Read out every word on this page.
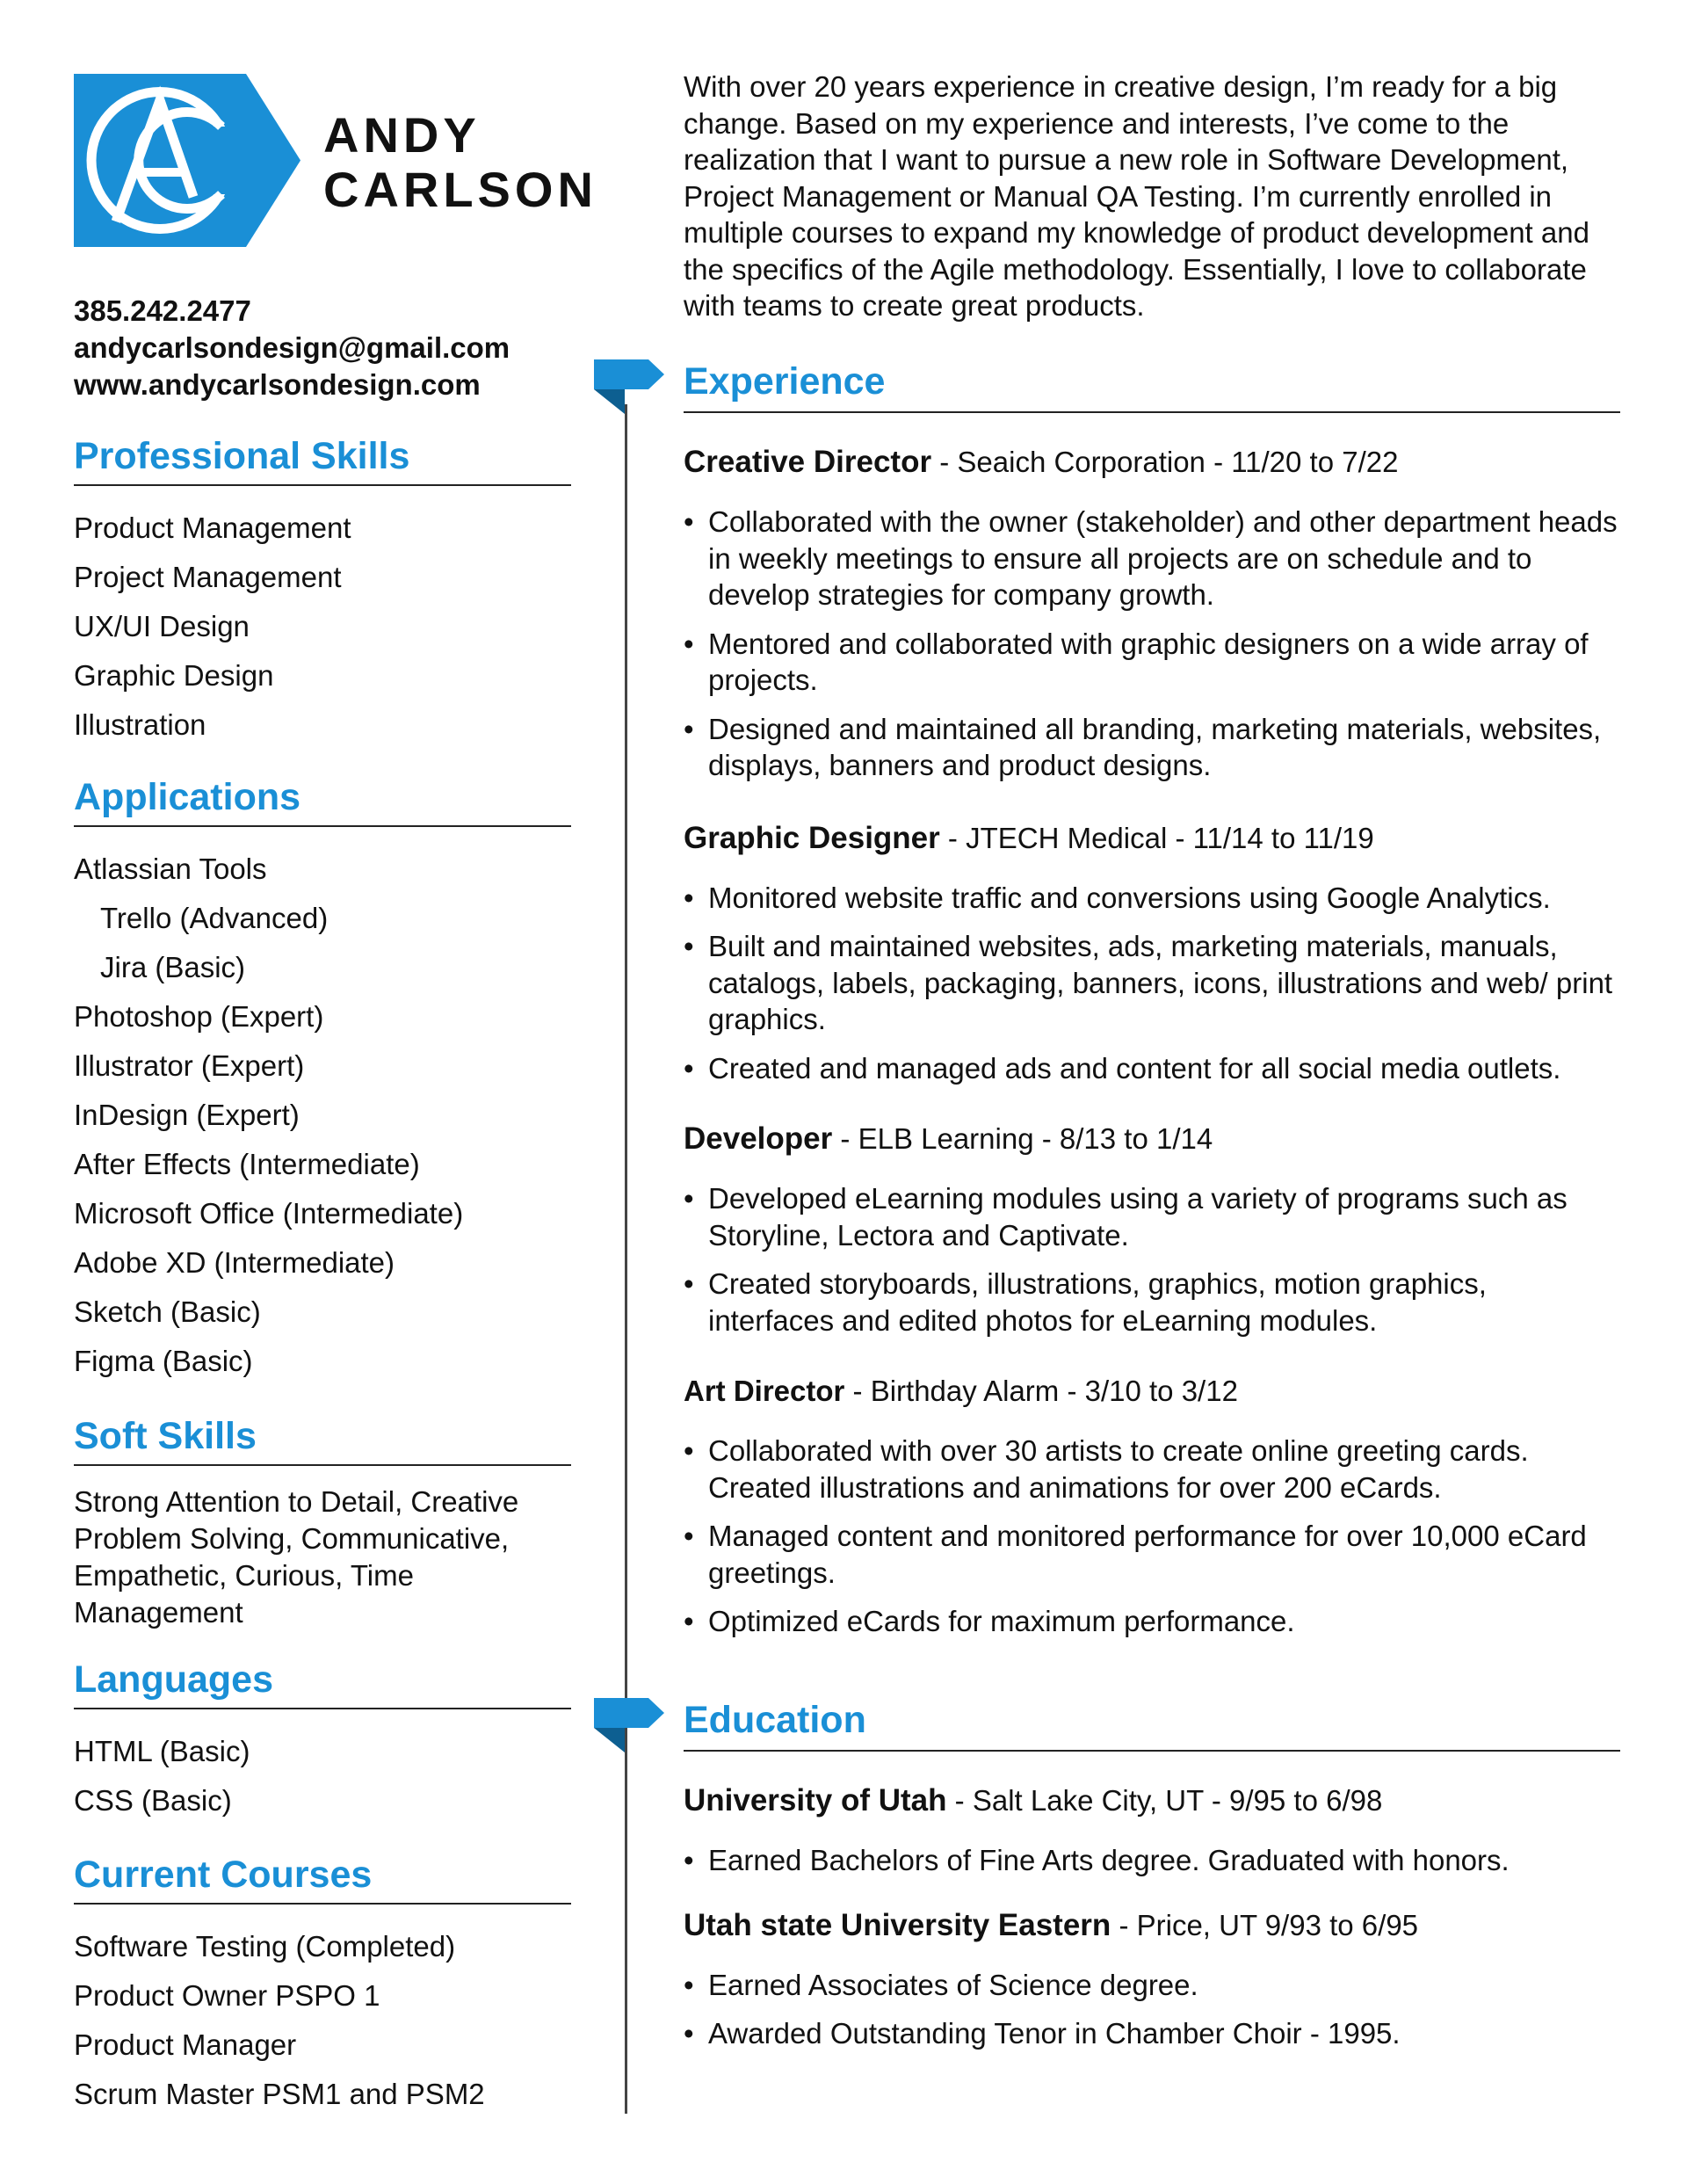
ANDY
CARLSON
385.242.2477
andycarlsondesign@gmail.com
www.andycarlsondesign.com
Professional Skills
Product Management
Project Management
UX/UI Design
Graphic Design
Illustration
Applications
Atlassian Tools
Trello (Advanced)
Jira (Basic)
Photoshop (Expert)
Illustrator (Expert)
InDesign (Expert)
After Effects (Intermediate)
Microsoft Office (Intermediate)
Adobe XD (Intermediate)
Sketch (Basic)
Figma (Basic)
Soft Skills

Strong Attention to Detail, Creative Problem Solving, Communicative, Empathetic, Curious, Time Management

Languages
HTML (Basic)
CSS (Basic)
Current Courses
Software Testing (Completed)
Product Owner PSPO 1
Product Manager
Scrum Master PSM1 and PSM2

With over 20 years experience in creative design, I’m ready for a big change. Based on my experience and interests, I’ve come to the realization that I want to pursue a new role in Software Development, Project Management or Manual QA Testing. I’m currently enrolled in multiple courses to expand my knowledge of product development and the specifics of the Agile methodology. Essentially, I love to collaborate with teams to create great products.

Experience
Creative Director - Seaich Corporation - 11/20 to 7/22
• Collaborated with the owner (stakeholder) and other department heads in weekly meetings to ensure all projects are on schedule and to develop strategies for company growth.
• Mentored and collaborated with graphic designers on a wide array of projects.
• Designed and maintained all branding, marketing materials, websites, displays, banners and product designs.
Graphic Designer - JTECH Medical - 11/14 to 11/19
• Monitored website traffic and conversions using Google Analytics.
• Built and maintained websites, ads, marketing materials, manuals, catalogs, labels, packaging, banners, icons, illustrations and web/ print graphics.
• Created and managed ads and content for all social media outlets.
Developer - ELB Learning - 8/13 to 1/14
• Developed eLearning modules using a variety of programs such as Storyline, Lectora and Captivate.
• Created storyboards, illustrations, graphics, motion graphics, interfaces and edited photos for eLearning modules.
Art Director - Birthday Alarm - 3/10 to 3/12
• Collaborated with over 30 artists to create online greeting cards. Created illustrations and animations for over 200 eCards.
• Managed content and monitored performance for over 10,000 eCard greetings.
• Optimized eCards for maximum performance.
Education
University of Utah - Salt Lake City, UT - 9/95 to 6/98
• Earned Bachelors of Fine Arts degree. Graduated with honors.
Utah state University Eastern - Price, UT 9/93 to 6/95
• Earned Associates of Science degree.
• Awarded Outstanding Tenor in Chamber Choir - 1995.
